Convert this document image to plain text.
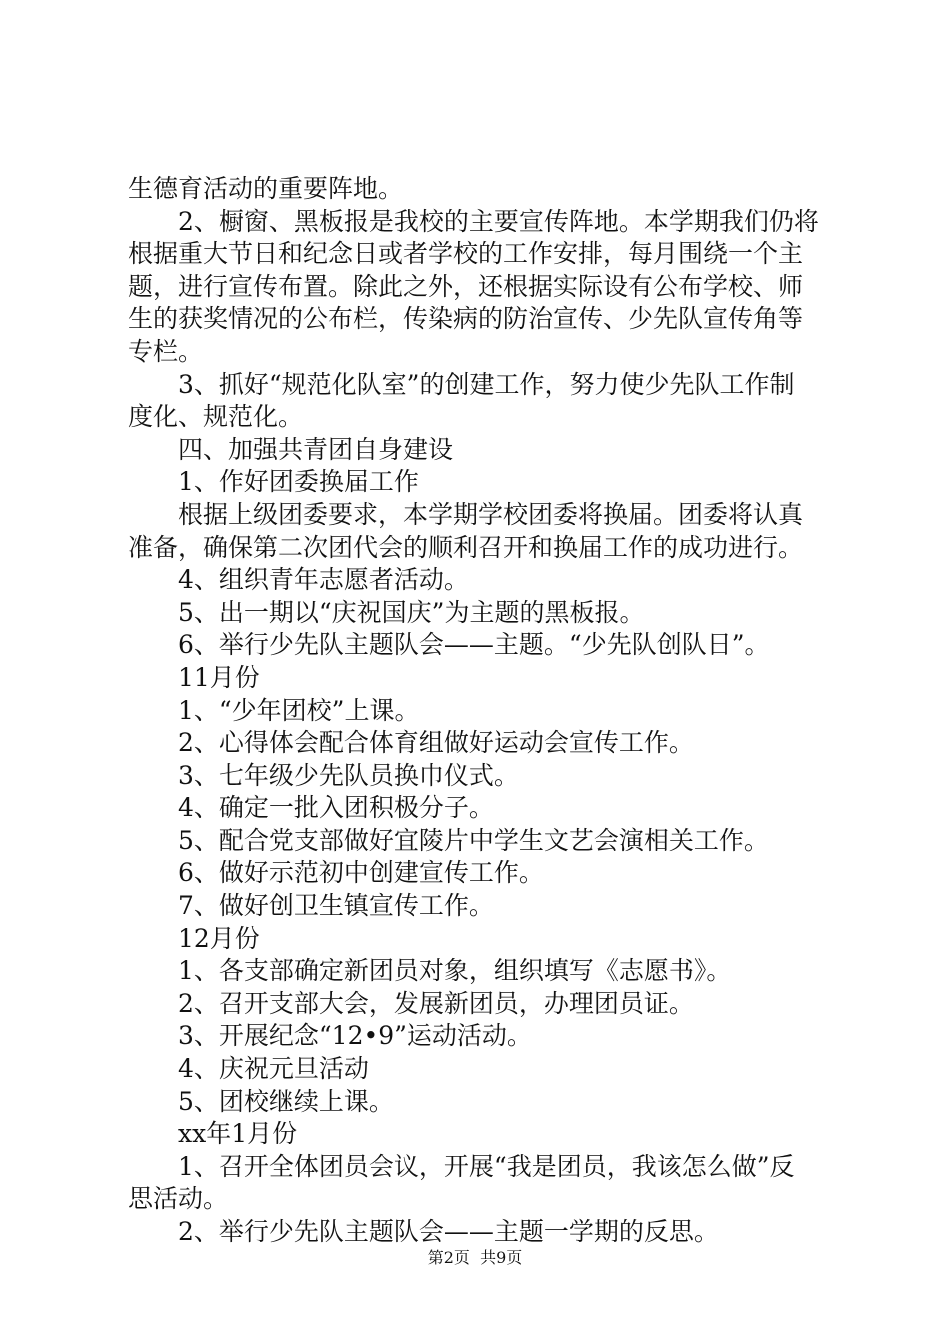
生德育活动的重要阵地。
2、橱窗、黑板报是我校的主要宣传阵地。本学期我们仍将
根据重大节日和纪念日或者学校的工作安排，每月围绕一个主
题，进行宣传布置。除此之外，还根据实际设有公布学校、师
生的获奖情况的公布栏，传染病的防治宣传、少先队宣传角等
专栏。
3、抓好“规范化队室”的创建工作，努力使少先队工作制
度化、规范化。
四、加强共青团自身建设
1、作好团委换届工作
根据上级团委要求，本学期学校团委将换届。团委将认真
准备，确保第二次团代会的顺利召开和换届工作的成功进行。
4、组织青年志愿者活动。
5、出一期以“庆祝国庆”为主题的黑板报。
6、举行少先队主题队会——主题。“少先队创队日”。
11月份
1、“少年团校”上课。
2、心得体会配合体育组做好运动会宣传工作。
3、七年级少先队员换巾仪式。
4、确定一批入团积极分子。
5、配合党支部做好宜陵片中学生文艺会演相关工作。
6、做好示范初中创建宣传工作。
7、做好创卫生镇宣传工作。
12月份
1、各支部确定新团员对象，组织填写《志愿书》。
2、召开支部大会，发展新团员，办理团员证。
3、开展纪念“12•9”运动活动。
4、庆祝元旦活动
5、团校继续上课。
xx年1月份
1、召开全体团员会议，开展“我是团员，我该怎么做”反
思活动。
2、举行少先队主题队会——主题一学期的反思。
第2页  共9页
